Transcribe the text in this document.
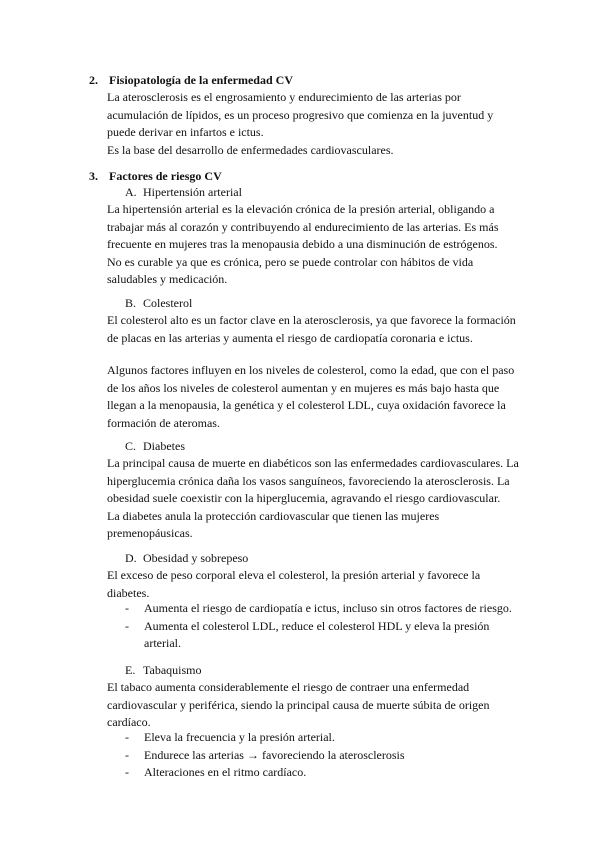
2. Fisiopatología de la enfermedad CV

La aterosclerosis es el engrosamiento y endurecimiento de las arterias por

acumulación de lípidos, es un proceso progresivo que comienza en la juventud y

puede derivar en infartos e ictus.

Es la base del desarrollo de enfermedades cardiovasculares.

3. Factores de riesgo CV
A. Hipertensión arterial

La hipertensión arterial es la elevación crónica de la presión arterial, obligando a

trabajar más al corazón y contribuyendo al endurecimiento de las arterias. Es más

frecuente en mujeres tras la menopausia debido a una disminución de estrógenos.

No es curable ya que es crónica, pero se puede controlar con hábitos de vida

saludables y medicación.

B. Colesterol

El colesterol alto es un factor clave en la aterosclerosis, ya que favorece la formación

de placas en las arterias y aumenta el riesgo de cardiopatía coronaria e ictus.

Algunos factores influyen en los niveles de colesterol, como la edad, que con el paso

de los años los niveles de colesterol aumentan y en mujeres es más bajo hasta que

llegan a la menopausia, la genética y el colesterol LDL, cuya oxidación favorece la

formación de ateromas.

C. Diabetes

La principal causa de muerte en diabéticos son las enfermedades cardiovasculares. La

hiperglucemia crónica daña los vasos sanguíneos, favoreciendo la aterosclerosis. La

obesidad suele coexistir con la hiperglucemia, agravando el riesgo cardiovascular.

La diabetes anula la protección cardiovascular que tienen las mujeres

premenopáusicas.

D. Obesidad y sobrepeso

El exceso de peso corporal eleva el colesterol, la presión arterial y favorece la

diabetes.

- Aumenta el riesgo de cardiopatía e ictus, incluso sin otros factores de riesgo.
- Aumenta el colesterol LDL, reduce el colesterol HDL y eleva la presión
arterial.
E. Tabaquismo

El tabaco aumenta considerablemente el riesgo de contraer una enfermedad

cardiovascular y periférica, siendo la principal causa de muerte súbita de origen

cardíaco.

- Eleva la frecuencia y la presión arterial.
- Endurece las arterias → favoreciendo la aterosclerosis
- Alteraciones en el ritmo cardíaco.
